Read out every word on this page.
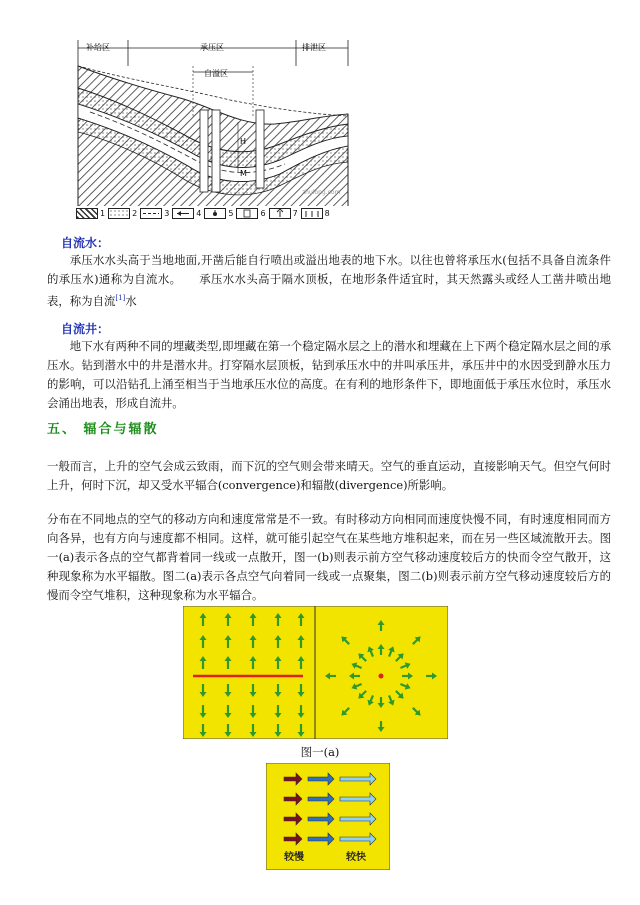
H
M
补给区	承压区	排泄区
自溢区
zhulong.com
1	2	3	4	5	6	7	8
自流水：
承压水水头高于当地地面,开凿后能自行喷出或溢出地表的地下水。以往也曾将承压水(包括不具备自流条件的承压水)通称为自流水。　　承压水水头高于隔水顶板，在地形条件适宜时，其天然露头或经人工凿井喷出地表，称为自流[1]水
自流井：
地下水有两种不同的埋藏类型,即埋藏在第一个稳定隔水层之上的潜水和埋藏在上下两个稳定隔水层之间的承压水。钻到潜水中的井是潜水井。打穿隔水层顶板，钻到承压水中的井叫承压井，承压井中的水因受到静水压力的影响，可以沿钻孔上涌至相当于当地承压水位的高度。在有利的地形条件下，即地面低于承压水位时，承压水会涌出地表，形成自流井。
五、 辐合与辐散
一般而言，上升的空气会成云致雨，而下沉的空气则会带来晴天。空气的垂直运动，直接影响天气。但空气何时上升，何时下沉，却又受水平辐合(convergence)和辐散(divergence)所影响。
分布在不同地点的空气的移动方向和速度常常是不一致。有时移动方向相同而速度快慢不同，有时速度相同而方向各异，也有方向与速度都不相同。这样，就可能引起空气在某些地方堆积起来，而在另一些区域流散开去。图一(a)表示各点的空气都背着同一线或一点散开，图一(b)则表示前方空气移动速度较后方的快而令空气散开，这种现象称为水平辐散。图二(a)表示各点空气向着同一线或一点聚集，图二(b)则表示前方空气移动速度较后方的慢而令空气堆积，这种现象称为水平辐合。
图一(a)
较慢	较快
